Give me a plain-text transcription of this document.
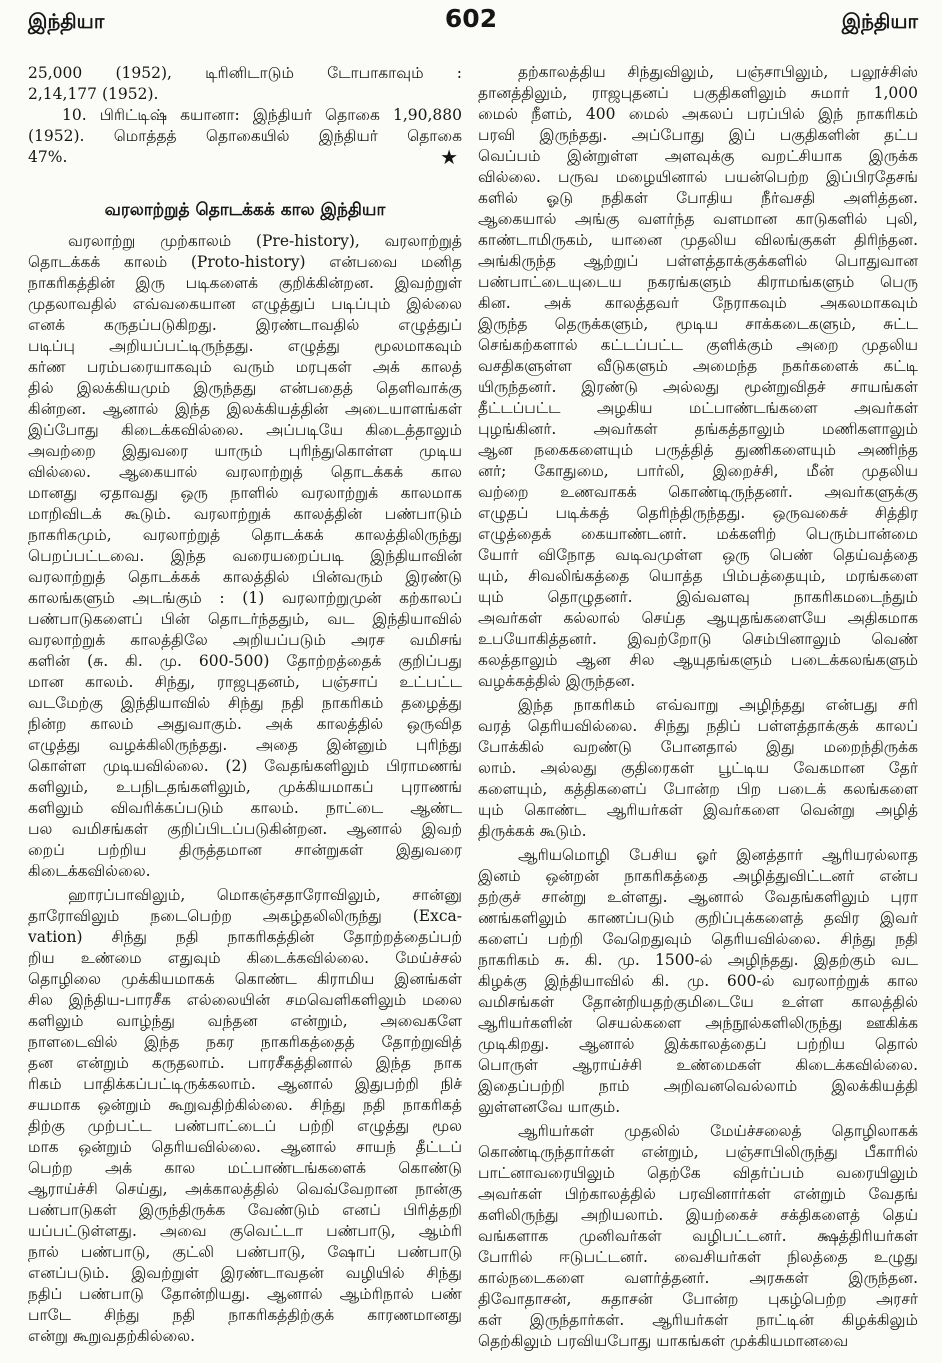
இந்தியா	602	இந்தியா
25,000 (1952), டிரினிடாடும் டோபாகாவும் :
2,14,177 (1952).
10. பிரிட்டிஷ் கயானா: இந்தியர் தொகை 1,90,880
(1952). மொத்தத் தொகையில் இந்தியர் தொகை
47%.	★
வரலாற்றுத் தொடக்கக் கால இந்தியா
வரலாற்று முற்காலம் (Pre-history), வரலாற்றுத்
தொடக்கக் காலம் (Proto-history) என்பவை மனித
நாகரிகத்தின் இரு படிகளைக் குறிக்கின்றன. இவற்றுள்
முதலாவதில் எவ்வகையான எழுத்துப் படிப்பும் இல்லை
எனக் கருதப்படுகிறது. இரண்டாவதில் எழுத்துப்
படிப்பு அறியப்பட்டிருந்தது. எழுத்து மூலமாகவும்
கர்ண பரம்பரையாகவும் வரும் மரபுகள் அக் காலத்
தில் இலக்கியமும் இருந்தது என்பதைத் தெளிவாக்கு
கின்றன. ஆனால் இந்த இலக்கியத்தின் அடையாளங்கள்
இப்போது கிடைக்கவில்லை. அப்படியே கிடைத்தாலும்
அவற்றை இதுவரை யாரும் புரிந்துகொள்ள முடிய
வில்லை. ஆகையால் வரலாற்றுத் தொடக்கக் கால
மானது ஏதாவது ஒரு நாளில் வரலாற்றுக் காலமாக
மாறிவிடக் கூடும். வரலாற்றுக் காலத்தின் பண்பாடும்
நாகரிகமும், வரலாற்றுத் தொடக்கக் காலத்திலிருந்து
பெறப்பட்டவை. இந்த வரையறைப்படி இந்தியாவின்
வரலாற்றுத் தொடக்கக் காலத்தில் பின்வரும் இரண்டு
காலங்களும் அடங்கும் : (1) வரலாற்றுமுன் கற்காலப்
பண்பாடுகளைப் பின் தொடர்ந்ததும், வட இந்தியாவில்
வரலாற்றுக் காலத்திலே அறியப்படும் அரச வமிசங்
களின் (சு. கி. மு. 600-500) தோற்றத்தைக் குறிப்பது
மான காலம். சிந்து, ராஜபுதனம், பஞ்சாப் உட்பட்ட
வடமேற்கு இந்தியாவில் சிந்து நதி நாகரிகம் தழைத்து
நின்ற காலம் அதுவாகும். அக் காலத்தில் ஒருவித
எழுத்து வழக்கிலிருந்தது. அதை இன்னும் புரிந்து
கொள்ள முடியவில்லை. (2) வேதங்களிலும் பிராமணங்
களிலும், உபநிடதங்களிலும், முக்கியமாகப் புராணங்
களிலும் விவரிக்கப்படும் காலம். நாட்டை ஆண்ட
பல வமிசங்கள் குறிப்பிடப்படுகின்றன. ஆனால் இவற்
றைப் பற்றிய திருத்தமான சான்றுகள் இதுவரை
கிடைக்கவில்லை.
ஹாரப்பாவிலும், மொகஞ்சதாரோவிலும், சான்னு
தாரோவிலும் நடைபெற்ற அகழ்தலிலிருந்து (Exca-
vation) சிந்து நதி நாகரிகத்தின் தோற்றத்தைப்பற்
றிய உண்மை எதுவும் கிடைக்கவில்லை. மேய்ச்சல்
தொழிலை முக்கியமாகக் கொண்ட கிராமிய இனங்கள்
சில இந்திய-பாரசீக எல்லையின் சமவெளிகளிலும் மலை
களிலும் வாழ்ந்து வந்தன என்றும், அவைகளே
நாளடைவில் இந்த நகர நாகரிகத்தைத் தோற்றுவித்
தன என்றும் கருதலாம். பாரசீகத்தினால் இந்த நாக
ரிகம் பாதிக்கப்பட்டிருக்கலாம். ஆனால் இதுபற்றி நிச்
சயமாக ஒன்றும் கூறுவதிற்கில்லை. சிந்து நதி நாகரிகத்
திற்கு முற்பட்ட பண்பாட்டைப் பற்றி எழுத்து மூல
மாக ஒன்றும் தெரியவில்லை. ஆனால் சாயந் தீட்டப்
பெற்ற அக் கால மட்பாண்டங்களைக் கொண்டு
ஆராய்ச்சி செய்து, அக்காலத்தில் வெவ்வேறான நான்கு
பண்பாடுகள் இருந்திருக்க வேண்டும் எனப் பிரித்தறி
யப்பட்டுள்ளது. அவை குவெட்டா பண்பாடு, ஆம்ரி
நால் பண்பாடு, குட்லி பண்பாடு, ஷோப் பண்பாடு
எனப்படும். இவற்றுள் இரண்டாவதன் வழியில் சிந்து
நதிப் பண்பாடு தோன்றியது. ஆனால் ஆம்ரிநால் பண்
பாடே சிந்து நதி நாகரிகத்திற்குக் காரணமானது
என்று கூறுவதற்கில்லை.
தற்காலத்திய சிந்துவிலும், பஞ்சாபிலும், பலூச்சிஸ்
தானத்திலும், ராஜபுதனப் பகுதிகளிலும் சுமார் 1,000
மைல் நீளம், 400 மைல் அகலப் பரப்பில் இந் நாகரிகம்
பரவி இருந்தது. அப்போது இப் பகுதிகளின் தட்ப
வெப்பம் இன்றுள்ள அளவுக்கு வறட்சியாக இருக்க
வில்லை. பருவ மழையினால் பயன்பெற்ற இப்பிரதேசங்
களில் ஓடு நதிகள் போதிய நீர்வசதி அளித்தன.
ஆகையால் அங்கு வளர்ந்த வளமான காடுகளில் புலி,
காண்டாமிருகம், யானை முதலிய விலங்குகள் திரிந்தன.
அங்கிருந்த ஆற்றுப் பள்ளத்தாக்குக்களில் பொதுவான
பண்பாட்டையுடைய நகரங்களும் கிராமங்களும் பெரு
கின. அக் காலத்தவர் நேராகவும் அகலமாகவும்
இருந்த தெருக்களும், மூடிய சாக்கடைகளும், சுட்ட
செங்கற்களால் கட்டப்பட்ட குளிக்கும் அறை முதலிய
வசதிகளுள்ள வீடுகளும் அமைந்த நகர்களைக் கட்டி
யிருந்தனர். இரண்டு அல்லது மூன்றுவிதச் சாயங்கள்
தீட்டப்பட்ட அழகிய மட்பாண்டங்களை அவர்கள்
புழங்கினர். அவர்கள் தங்கத்தாலும் மணிகளாலும்
ஆன நகைகளையும் பருத்தித் துணிகளையும் அணிந்த
னர்; கோதுமை, பார்லி, இறைச்சி, மீன் முதலிய
வற்றை உணவாகக் கொண்டிருந்தனர். அவர்களுக்கு
எழுதப் படிக்கத் தெரிந்திருந்தது. ஒருவகைச் சித்திர
எழுத்தைக் கையாண்டனர். மக்களிற் பெரும்பான்மை
யோர் விநோத வடிவமுள்ள ஒரு பெண் தெய்வத்தை
யும், சிவலிங்கத்தை யொத்த பிம்பத்தையும், மரங்களை
யும் தொழுதனர். இவ்வளவு நாகரிகமடைந்தும்
அவர்கள் கல்லால் செய்த ஆயுதங்களையே அதிகமாக
உபயோகித்தனர். இவற்றோடு செம்பினாலும் வெண்
கலத்தாலும் ஆன சில ஆயுதங்களும் படைக்கலங்களும்
வழக்கத்தில் இருந்தன.
இந்த நாகரிகம் எவ்வாறு அழிந்தது என்பது சரி
வரத் தெரியவில்லை. சிந்து நதிப் பள்ளத்தாக்குக் காலப்
போக்கில் வறண்டு போனதால் இது மறைந்திருக்க
லாம். அல்லது குதிரைகள் பூட்டிய வேகமான தேர்
களையும், கத்திகளைப் போன்ற பிற படைக் கலங்களை
யும் கொண்ட ஆரியர்கள் இவர்களை வென்று அழித்
திருக்கக் கூடும்.
ஆரியமொழி பேசிய ஓர் இனத்தார் ஆரியரல்லாத
இனம் ஒன்றன் நாகரிகத்தை அழித்துவிட்டனர் என்ப
தற்குச் சான்று உள்ளது. ஆனால் வேதங்களிலும் புரா
ணங்களிலும் காணப்படும் குறிப்புக்களைத் தவிர இவர்
களைப் பற்றி வேறெதுவும் தெரியவில்லை. சிந்து நதி
நாகரிகம் சு. கி. மு. 1500-ல் அழிந்தது. இதற்கும் வட
கிழக்கு இந்தியாவில் கி. மு. 600-ல் வரலாற்றுக் கால
வமிசங்கள் தோன்றியதற்குமிடையே உள்ள காலத்தில்
ஆரியர்களின் செயல்களை அந்நூல்களிலிருந்து ஊகிக்க
முடிகிறது. ஆனால் இக்காலத்தைப் பற்றிய தொல்
பொருள் ஆராய்ச்சி உண்மைகள் கிடைக்கவில்லை.
இதைப்பற்றி நாம் அறிவனவெல்லாம் இலக்கியத்தி
லுள்ளனவே யாகும்.
ஆரியர்கள் முதலில் மேய்ச்சலைத் தொழிலாகக்
கொண்டிருந்தார்கள் என்றும், பஞ்சாபிலிருந்து பீகாரில்
பாட்னாவரையிலும் தெற்கே விதர்ப்பம் வரையிலும்
அவர்கள் பிற்காலத்தில் பரவினார்கள் என்றும் வேதங்
களிலிருந்து அறியலாம். இயற்கைச் சக்திகளைத் தெய்
வங்களாக முனிவர்கள் வழிபட்டனர். க்ஷத்திரியர்கள்
போரில் ஈடுபட்டனர். வைசியர்கள் நிலத்தை உழுது
கால்நடைகளை வளர்த்தனர். அரசுகள் இருந்தன.
திவோதாசன், சுதாசன் போன்ற புகழ்பெற்ற அரசர்
கள் இருந்தார்கள். ஆரியர்கள் நாட்டின் கிழக்கிலும்
தெற்கிலும் பரவியபோது யாகங்கள் முக்கியமானவை
